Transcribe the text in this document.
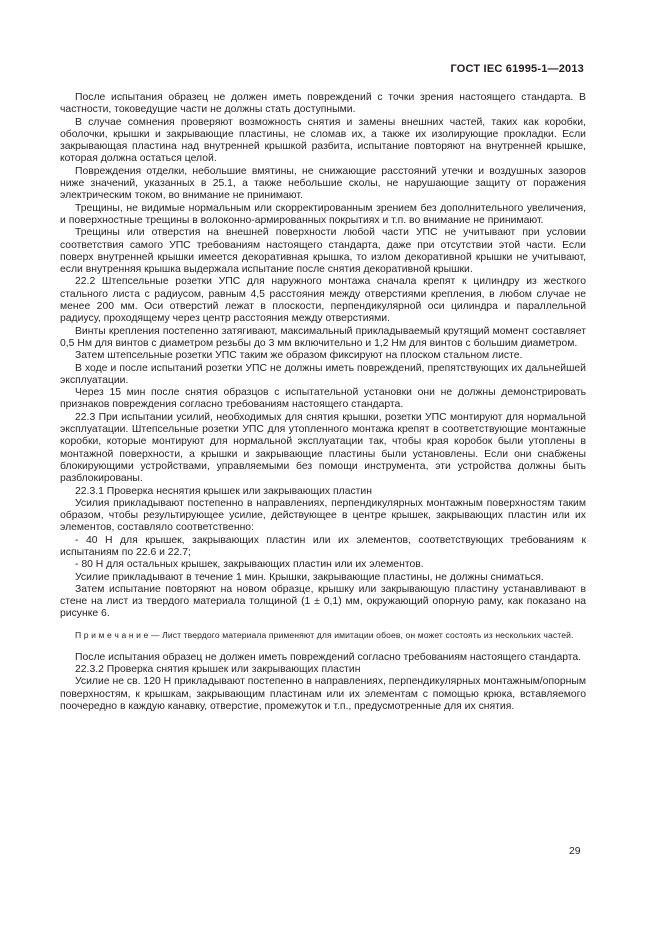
ГОСТ IEC 61995-1—2013

После испытания образец не должен иметь повреждений с точки зрения настоящего стандарта. В частности, токоведущие части не должны стать доступными.

В случае сомнения проверяют возможность снятия и замены внешних частей, таких как коробки, оболочки, крышки и закрывающие пластины, не сломав их, а также их изолирующие прокладки. Если закрывающая пластина над внутренней крышкой разбита, испытание повторяют на внутренней крышке, которая должна остаться целой.

Повреждения отделки, небольшие вмятины, не снижающие расстояний утечки и воздушных зазоров ниже значений, указанных в 25.1, а также небольшие сколы, не нарушающие защиту от поражения электрическим током, во внимание не принимают.

Трещины, не видимые нормальным или скорректированным зрением без дополнительного увеличения, и поверхностные трещины в волоконно-армированных покрытиях и т.п. во внимание не принимают.

Трещины или отверстия на внешней поверхности любой части УПС не учитывают при условии соответствия самого УПС требованиям настоящего стандарта, даже при отсутствии этой части. Если поверх внутренней крышки имеется декоративная крышка, то излом декоративной крышки не учитывают, если внутренняя крышка выдержала испытание после снятия декоративной крышки.

22.2 Штепсельные розетки УПС для наружного монтажа сначала крепят к цилиндру из жесткого стального листа с радиусом, равным 4,5 расстояния между отверстиями крепления, в любом случае не менее 200 мм. Оси отверстий лежат в плоскости, перпендикулярной оси цилиндра и параллельной радиусу, проходящему через центр расстояния между отверстиями.

Винты крепления постепенно затягивают, максимальный прикладываемый крутящий момент составляет 0,5 Нм для винтов с диаметром резьбы до 3 мм включительно и 1,2 Нм для винтов с большим диаметром.

Затем штепсельные розетки УПС таким же образом фиксируют на плоском стальном листе.

В ходе и после испытаний розетки УПС не должны иметь повреждений, препятствующих их дальнейшей эксплуатации.

Через 15 мин после снятия образцов с испытательной установки они не должны демонстрировать признаков повреждения согласно требованиям настоящего стандарта.

22.3 При испытании усилий, необходимых для снятия крышки, розетки УПС монтируют для нормальной эксплуатации. Штепсельные розетки УПС для утопленного монтажа крепят в соответствующие монтажные коробки, которые монтируют для нормальной эксплуатации так, чтобы края коробок были утоплены в монтажной поверхности, а крышки и закрывающие пластины были установлены. Если они снабжены блокирующими устройствами, управляемыми без помощи инструмента, эти устройства должны быть разблокированы.

22.3.1 Проверка неснятия крышек или закрывающих пластин

Усилия прикладывают постепенно в направлениях, перпендикулярных монтажным поверхностям таким образом, чтобы результирующее усилие, действующее в центре крышек, закрывающих пластин или их элементов, составляло соответственно:

- 40 Н для крышек, закрывающих пластин или их элементов, соответствующих требованиям к испытаниям по 22.6 и 22.7;

- 80 Н для остальных крышек, закрывающих пластин или их элементов.

Усилие прикладывают в течение 1 мин. Крышки, закрывающие пластины, не должны сниматься.

Затем испытание повторяют на новом образце, крышку или закрывающую пластину устанавливают в стене на лист из твердого материала толщиной (1 ± 0,1) мм, окружающий опорную раму, как показано на рисунке 6.

П р и м е ч а н и е — Лист твердого материала применяют для имитации обоев, он может состоять из нескольких частей.

После испытания образец не должен иметь повреждений согласно требованиям настоящего стандарта.

22.3.2 Проверка снятия крышек или закрывающих пластин

Усилие не св. 120 Н прикладывают постепенно в направлениях, перпендикулярных монтажным/опорным поверхностям, к крышкам, закрывающим пластинам или их элементам с помощью крюка, вставляемого поочередно в каждую канавку, отверстие, промежуток и т.п., предусмотренные для их снятия.

29
